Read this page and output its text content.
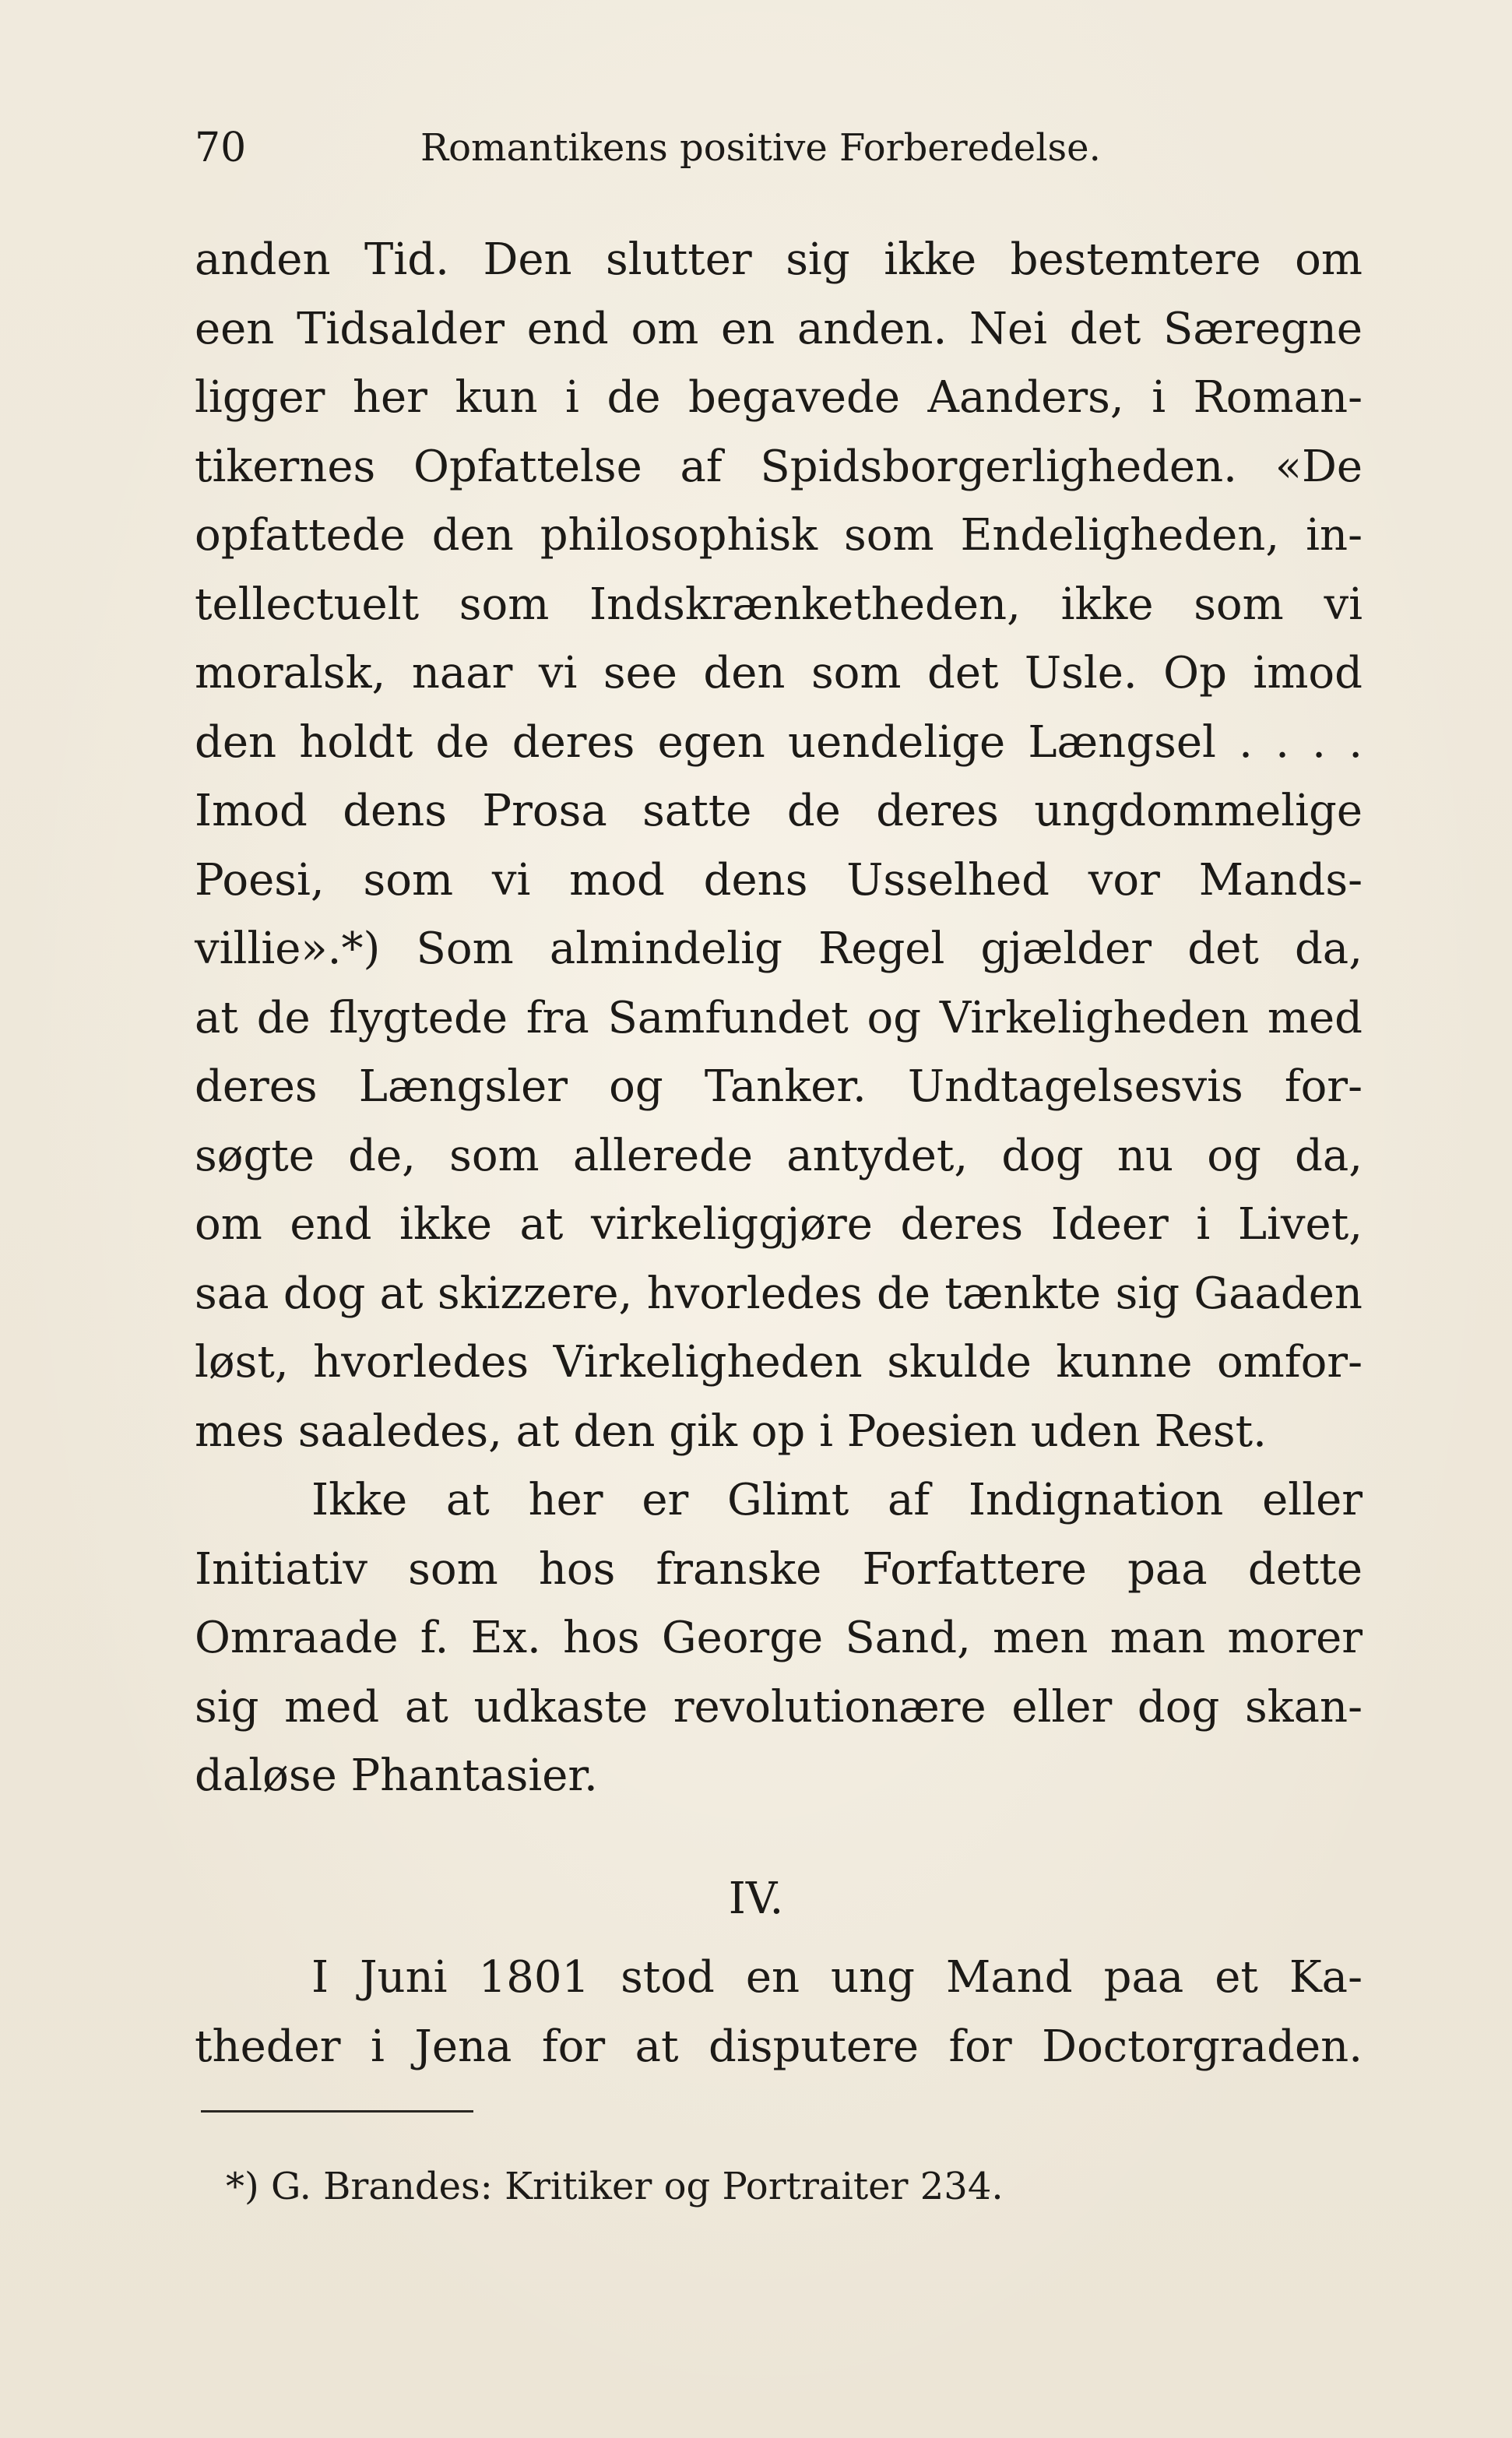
70	Romantikens positive Forberedelse.
anden Tid. Den slutter sig ikke bestemtere om
een Tidsalder end om en anden. Nei det Særegne
ligger her kun i de begavede Aanders, i Roman-
tikernes Opfattelse af Spidsborgerligheden. «De
opfattede den philosophisk som Endeligheden, in-
tellectuelt som Indskrænketheden, ikke som vi
moralsk, naar vi see den som det Usle. Op imod
den holdt de deres egen uendelige Længsel . . . .
Imod dens Prosa satte de deres ungdommelige
Poesi, som vi mod dens Usselhed vor Mands-
villie».*) Som almindelig Regel gjælder det da,
at de flygtede fra Samfundet og Virkeligheden med
deres Længsler og Tanker. Undtagelsesvis for-
søgte de, som allerede antydet, dog nu og da,
om end ikke at virkeliggjøre deres Ideer i Livet,
saa dog at skizzere, hvorledes de tænkte sig Gaaden
løst, hvorledes Virkeligheden skulde kunne omfor-
mes saaledes, at den gik op i Poesien uden Rest.
Ikke at her er Glimt af Indignation eller
Initiativ som hos franske Forfattere paa dette
Omraade f. Ex. hos George Sand, men man morer
sig med at udkaste revolutionære eller dog skan-
daløse Phantasier.
IV.
I Juni 1801 stod en ung Mand paa et Ka-
theder i Jena for at disputere for Doctorgraden.
*) G. Brandes: Kritiker og Portraiter 234.
